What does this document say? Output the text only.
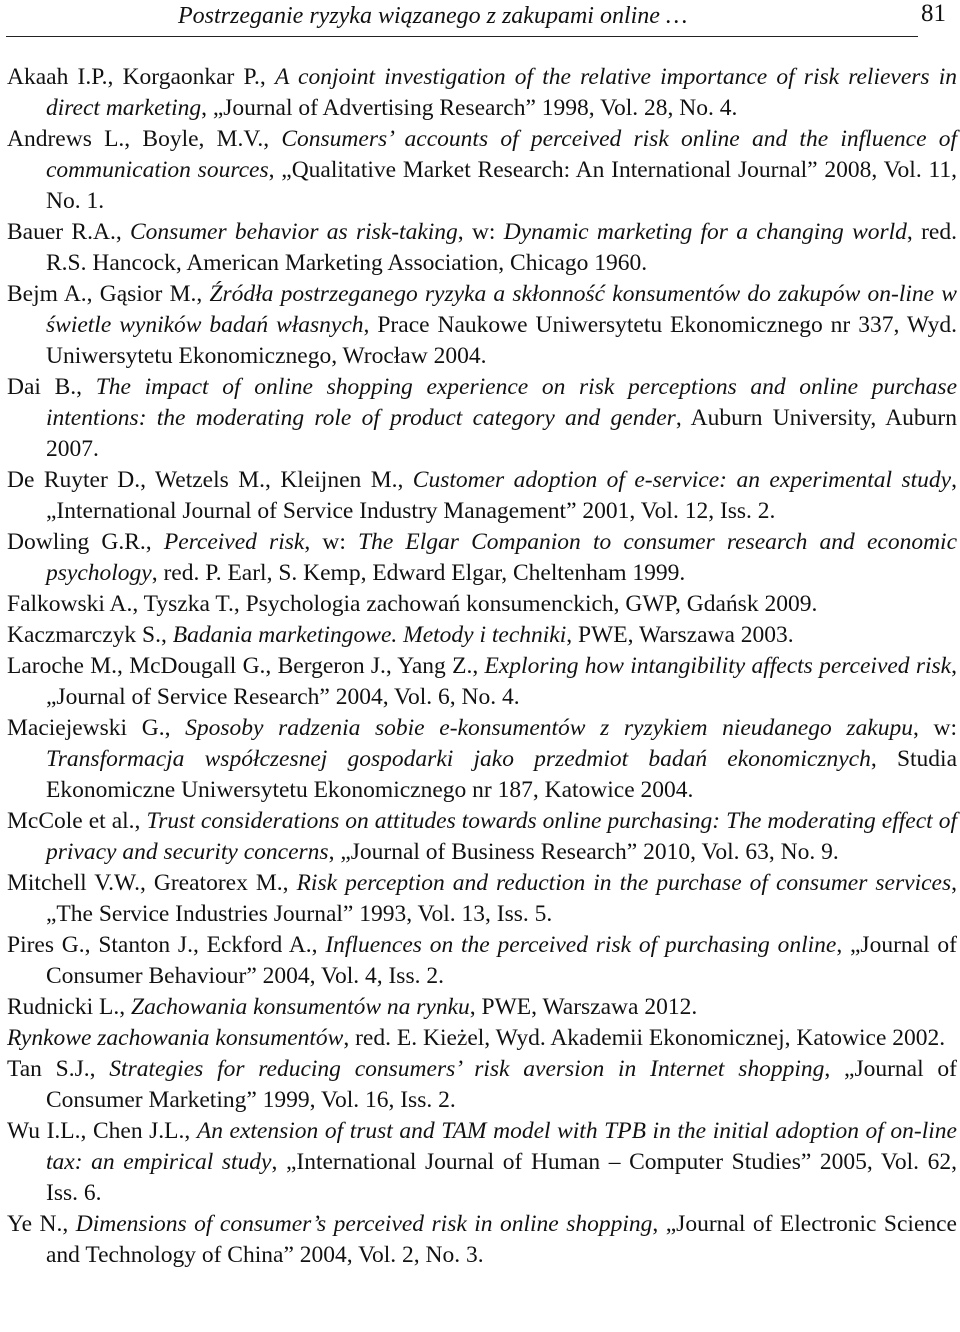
Postrzeganie ryzyka wiązanego z zakupami online …	81
Akaah I.P., Korgaonkar P., A conjoint investigation of the relative importance of risk relievers in direct marketing, „Journal of Advertising Research” 1998, Vol. 28, No. 4.
Andrews L., Boyle, M.V., Consumers’ accounts of perceived risk online and the influence of communication sources, „Qualitative Market Research: An International Journal” 2008, Vol. 11, No. 1.
Bauer R.A., Consumer behavior as risk-taking, w: Dynamic marketing for a changing world, red. R.S. Hancock, American Marketing Association, Chicago 1960.
Bejm A., Gąsior M., Źródła postrzeganego ryzyka a skłonność konsumentów do zakupów on-line w świetle wyników badań własnych, Prace Naukowe Uniwersytetu Ekonomicznego nr 337, Wyd. Uniwersytetu Ekonomicznego, Wrocław 2004.
Dai B., The impact of online shopping experience on risk perceptions and online purchase intentions: the moderating role of product category and gender, Auburn University, Auburn 2007.
De Ruyter D., Wetzels M., Kleijnen M., Customer adoption of e-service: an experimental study, „International Journal of Service Industry Management” 2001, Vol. 12, Iss. 2.
Dowling G.R., Perceived risk, w: The Elgar Companion to consumer research and economic psychology, red. P. Earl, S. Kemp, Edward Elgar, Cheltenham 1999.
Falkowski A., Tyszka T., Psychologia zachowań konsumenckich, GWP, Gdańsk 2009.
Kaczmarczyk S., Badania marketingowe. Metody i techniki, PWE, Warszawa 2003.
Laroche M., McDougall G., Bergeron J., Yang Z., Exploring how intangibility affects perceived risk, „Journal of Service Research” 2004, Vol. 6, No. 4.
Maciejewski G., Sposoby radzenia sobie e-konsumentów z ryzykiem nieudanego zakupu, w: Transformacja współczesnej gospodarki jako przedmiot badań ekonomicznych, Studia Ekonomiczne Uniwersytetu Ekonomicznego nr 187, Katowice 2004.
McCole et al., Trust considerations on attitudes towards online purchasing: The moderating effect of privacy and security concerns, „Journal of Business Research” 2010, Vol. 63, No. 9.
Mitchell V.W., Greatorex M., Risk perception and reduction in the purchase of consumer services, „The Service Industries Journal” 1993, Vol. 13, Iss. 5.
Pires G., Stanton J., Eckford A., Influences on the perceived risk of purchasing online, „Journal of Consumer Behaviour” 2004, Vol. 4, Iss. 2.
Rudnicki L., Zachowania konsumentów na rynku, PWE, Warszawa 2012.
Rynkowe zachowania konsumentów, red. E. Kieżel, Wyd. Akademii Ekonomicznej, Katowice 2002.
Tan S.J., Strategies for reducing consumers’ risk aversion in Internet shopping, „Journal of Consumer Marketing” 1999, Vol. 16, Iss. 2.
Wu I.L., Chen J.L., An extension of trust and TAM model with TPB in the initial adoption of on-line tax: an empirical study, „International Journal of Human – Computer Studies” 2005, Vol. 62, Iss. 6.
Ye N., Dimensions of consumer’s perceived risk in online shopping, „Journal of Electronic Science and Technology of China” 2004, Vol. 2, No. 3.
